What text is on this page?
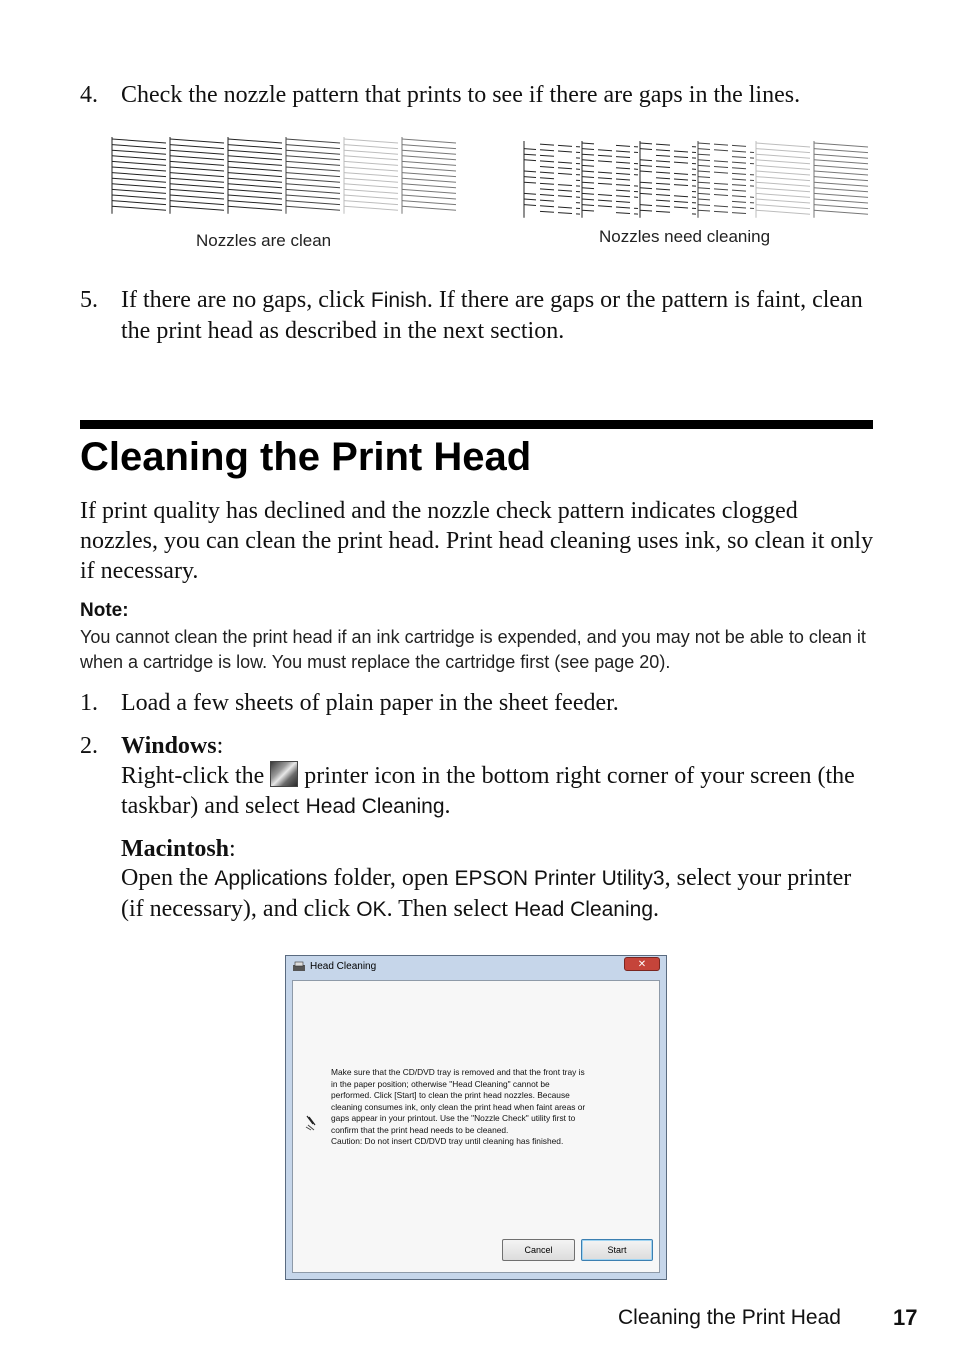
4. Check the nozzle pattern that prints to see if there are gaps in the lines.
Nozzles are clean	Nozzles need cleaning
5. If there are no gaps, click Finish. If there are gaps or the pattern is faint, clean the print head as described in the next section.
Cleaning the Print Head
If print quality has declined and the nozzle check pattern indicates clogged nozzles, you can clean the print head. Print head cleaning uses ink, so clean it only if necessary.
Note:
You cannot clean the print head if an ink cartridge is expended, and you may not be able to clean it when a cartridge is low. You must replace the cartridge first (see page 20).
1. Load a few sheets of plain paper in the sheet feeder.
2. Windows:
Right-click the  printer icon in the bottom right corner of your screen (the taskbar) and select Head Cleaning.
Macintosh:
Open the Applications folder, open EPSON Printer Utility3, select your printer (if necessary), and click OK. Then select Head Cleaning.
Head Cleaning	✕
Make sure that the CD/DVD tray is removed and that the front tray is
in the paper position; otherwise "Head Cleaning" cannot be
performed. Click [Start] to clean the print head nozzles. Because
cleaning consumes ink, only clean the print head when faint areas or
gaps appear in your printout. Use the "Nozzle Check" utility first to
confirm that the print head needs to be cleaned.
Caution: Do not insert CD/DVD tray until cleaning has finished.
Cancel	Start
Cleaning the Print Head 17
